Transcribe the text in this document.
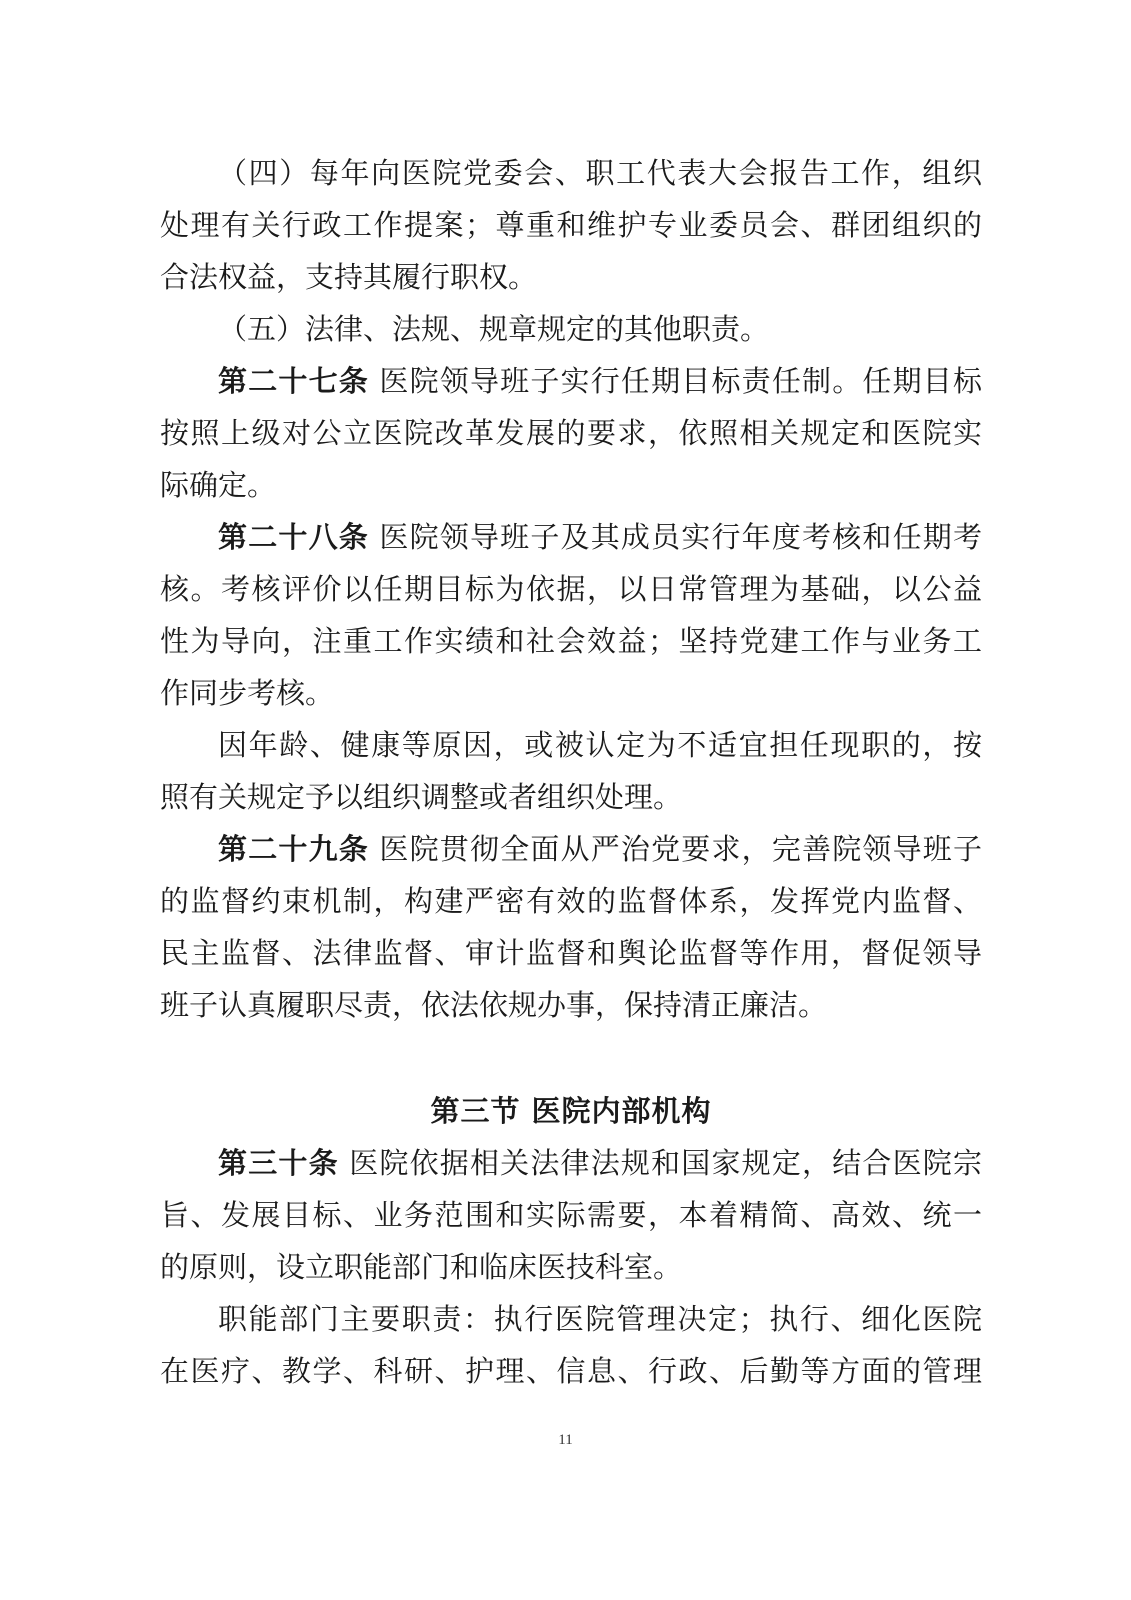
（四）每年向医院党委会、职工代表大会报告工作，组织
处理有关行政工作提案；尊重和维护专业委员会、群团组织的
合法权益，支持其履行职权。
（五）法律、法规、规章规定的其他职责。
第二十七条 医院领导班子实行任期目标责任制。任期目标
按照上级对公立医院改革发展的要求，依照相关规定和医院实
际确定。
第二十八条 医院领导班子及其成员实行年度考核和任期考
核。考核评价以任期目标为依据，以日常管理为基础，以公益
性为导向，注重工作实绩和社会效益；坚持党建工作与业务工
作同步考核。
因年龄、健康等原因，或被认定为不适宜担任现职的，按
照有关规定予以组织调整或者组织处理。
第二十九条 医院贯彻全面从严治党要求，完善院领导班子
的监督约束机制，构建严密有效的监督体系，发挥党内监督、
民主监督、法律监督、审计监督和舆论监督等作用，督促领导
班子认真履职尽责，依法依规办事，保持清正廉洁。
第三节 医院内部机构
第三十条 医院依据相关法律法规和国家规定，结合医院宗
旨、发展目标、业务范围和实际需要，本着精简、高效、统一
的原则，设立职能部门和临床医技科室。
职能部门主要职责：执行医院管理决定；执行、细化医院
在医疗、教学、科研、护理、信息、行政、后勤等方面的管理
11
